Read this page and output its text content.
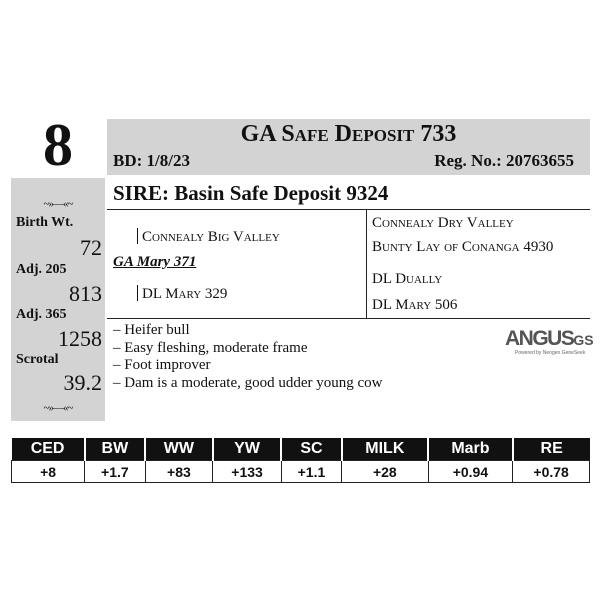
8	GA Safe Deposit 733
BD: 1/8/23	Reg. No.: 20763655
~»—«~
Birth Wt.
72
Adj. 205
813
Adj. 365
1258
Scrotal
39.2
~»—«~
SIRE: Basin Safe Deposit 9324
Connealy Big Valley
GA Mary 371
DL Mary 329
Connealy Dry Valley
Bunty Lay of Conanga 4930
DL Dually
DL Mary 506
– Heifer bull
– Easy fleshing, moderate frame
– Foot improver
– Dam is a moderate, good udder young cow
ANGUSGS
Powered by Neogen GeneSeek
CED	BW	WW	YW	SC	MILK	Marb	RE
+8	+1.7	+83	+133	+1.1	+28	+0.94	+0.78
